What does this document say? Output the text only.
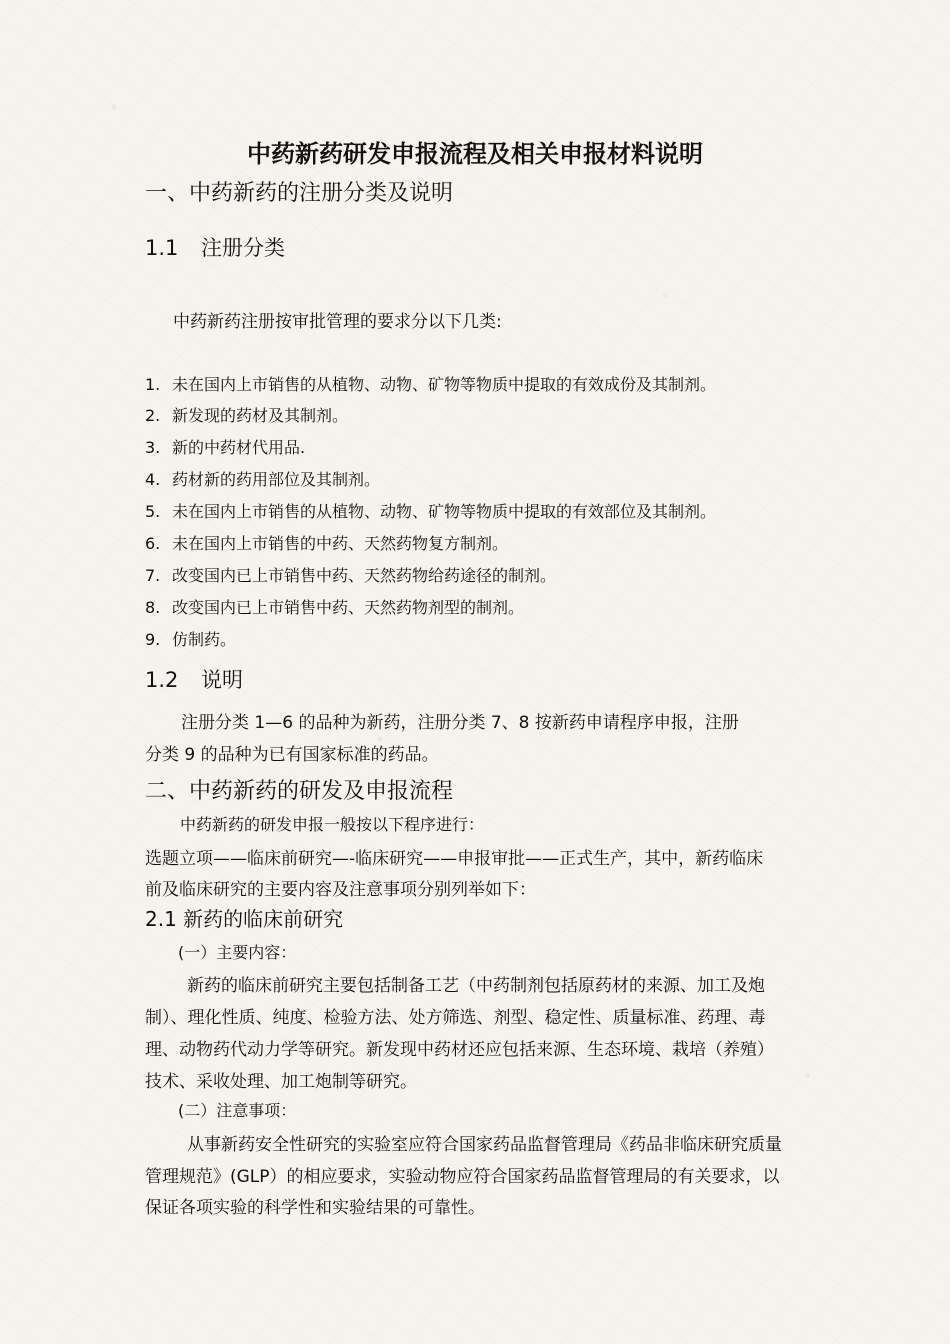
中药新药研发申报流程及相关申报材料说明
一、中药新药的注册分类及说明
1.1 注册分类
中药新药注册按审批管理的要求分以下几类:
1. 未在国内上市销售的从植物、动物、矿物等物质中提取的有效成份及其制剂。
2. 新发现的药材及其制剂。
3. 新的中药材代用品.
4. 药材新的药用部位及其制剂。
5. 未在国内上市销售的从植物、动物、矿物等物质中提取的有效部位及其制剂。
6. 未在国内上市销售的中药、天然药物复方制剂。
7. 改变国内已上市销售中药、天然药物给药途径的制剂。
8. 改变国内已上市销售中药、天然药物剂型的制剂。
9. 仿制药。
1.2 说明
注册分类 1—6 的品种为新药，注册分类 7、8 按新药申请程序申报，注册
分类 9 的品种为已有国家标准的药品。
二、中药新药的研发及申报流程
中药新药的研发申报一般按以下程序进行：
选题立项——临床前研究—-临床研究——申报审批——正式生产，其中，新药临床
前及临床研究的主要内容及注意事项分别列举如下：
2.1 新药的临床前研究
(一）主要内容：
新药的临床前研究主要包括制备工艺（中药制剂包括原药材的来源、加工及炮
制）、理化性质、纯度、检验方法、处方筛选、剂型、稳定性、质量标准、药理、毒
理、动物药代动力学等研究。新发现中药材还应包括来源、生态环境、栽培（养殖）
技术、采收处理、加工炮制等研究。
(二）注意事项：
从事新药安全性研究的实验室应符合国家药品监督管理局《药品非临床研究质量
管理规范》(GLP）的相应要求，实验动物应符合国家药品监督管理局的有关要求，以
保证各项实验的科学性和实验结果的可靠性。
